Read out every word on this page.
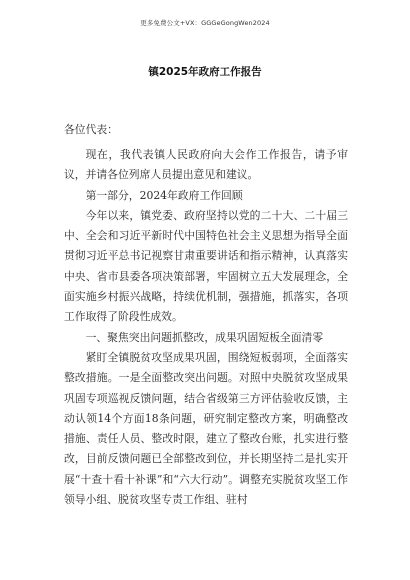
更多免费公文+VX：GGGeGongWen2024
镇2025年政府工作报告

各位代表：

现在，我代表镇人民政府向大会作工作报告，请予审议，并请各位列席人员提出意见和建议。

第一部分，2024年政府工作回顾

今年以来，镇党委、政府坚持以党的二十大、二十届三中、全会和习近平新时代中国特色社会主义思想为指导全面贯彻习近平总书记视察甘肃重要讲话和指示精神，认真落实中央、省市县委各项决策部署，牢固树立五大发展理念，全面实施乡村振兴战略，持续优机制，强措施，抓落实，各项工作取得了阶段性成效。

一、聚焦突出问题抓整改，成果巩固短板全面清零

紧盯全镇脱贫攻坚成果巩固，围绕短板弱项，全面落实整改措施。一是全面整改突出问题。对照中央脱贫攻坚成果巩固专项巡视反馈问题，结合省级第三方评估验收反馈，主动认领14个方面18条问题，研究制定整改方案，明确整改措施、责任人员、整改时限，建立了整改台账，扎实进行整改，目前反馈问题已全部整改到位，并长期坚持二是扎实开展“十查十看十补课”和“六大行动”。调整充实脱贫攻坚工作领导小组、脱贫攻坚专责工作组、驻村
